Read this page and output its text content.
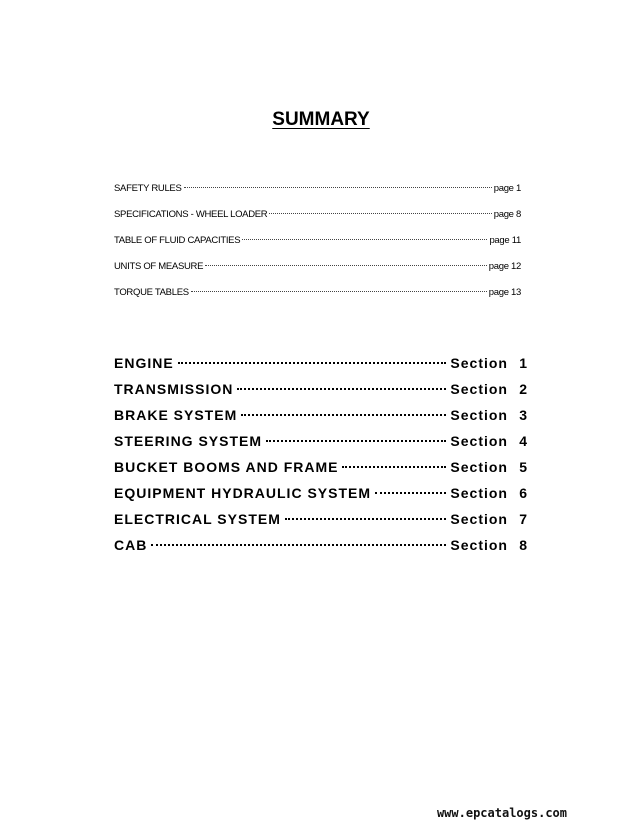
SUMMARY
SAFETY RULES	page 1
SPECIFICATIONS - WHEEL LOADER	page 8
TABLE OF FLUID CAPACITIES	page 11
UNITS OF MEASURE	page 12
TORQUE TABLES	page 13
ENGINE	Section 1
TRANSMISSION	Section 2
BRAKE SYSTEM	Section 3
STEERING SYSTEM	Section 4
BUCKET BOOMS AND FRAME	Section 5
EQUIPMENT HYDRAULIC SYSTEM	Section 6
ELECTRICAL SYSTEM	Section 7
CAB	Section 8

www.epcatalogs.com
